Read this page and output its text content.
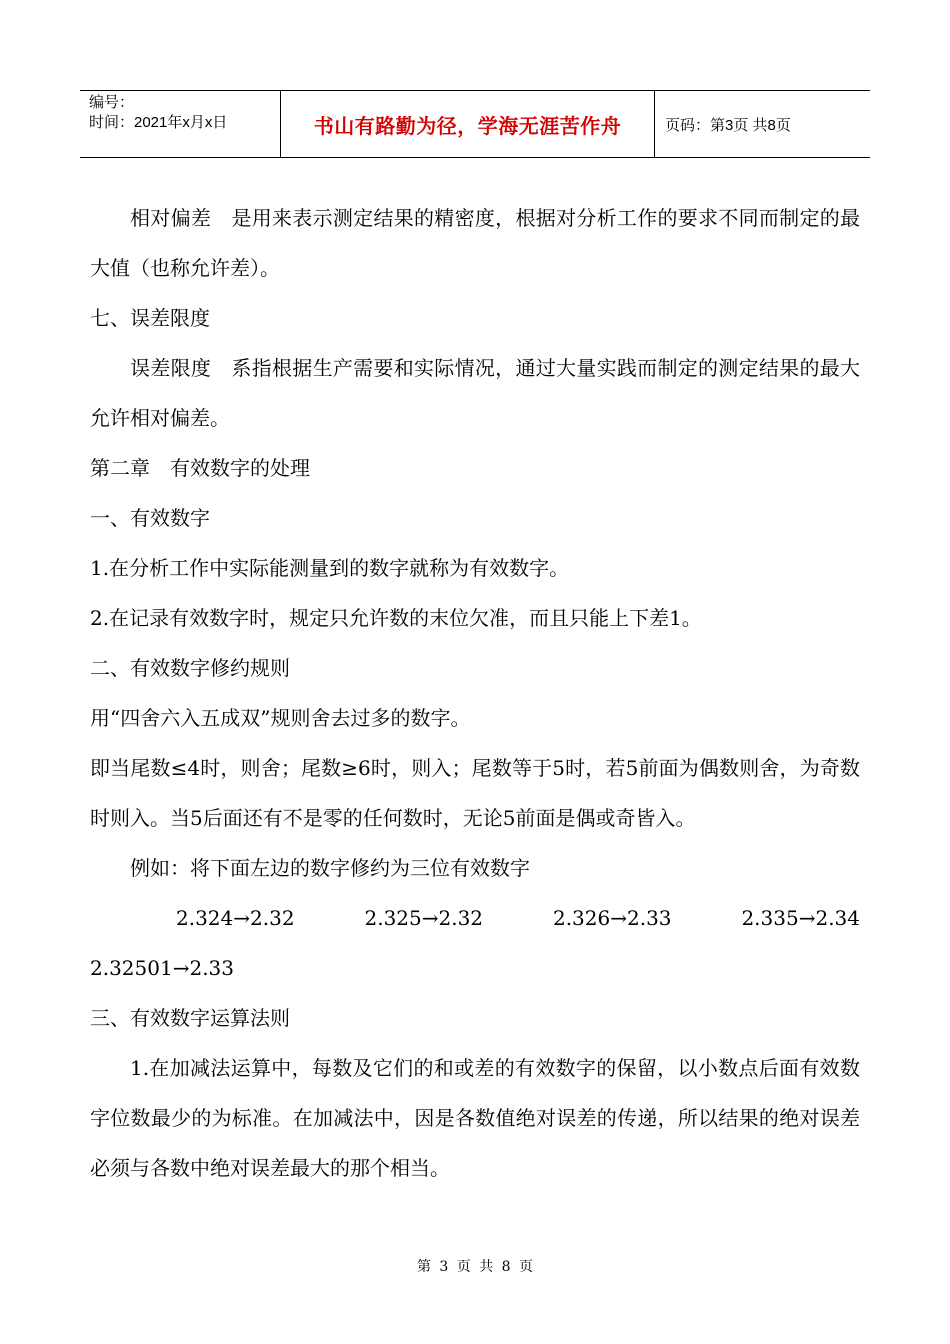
编号：
时间：2021年x月x日	书山有路勤为径，学海无涯苦作舟	页码：第3页 共8页

相对偏差 是用来表示测定结果的精密度，根据对分析工作的要求不同而制定的最大值（也称允许差）。

七、误差限度

误差限度 系指根据生产需要和实际情况，通过大量实践而制定的测定结果的最大允许相对偏差。

第二章 有效数字的处理

一、有效数字

1.在分析工作中实际能测量到的数字就称为有效数字。

2.在记录有效数字时，规定只允许数的末位欠准，而且只能上下差1。

二、有效数字修约规则

用“四舍六入五成双”规则舍去过多的数字。

即当尾数≤4时，则舍；尾数≥6时，则入；尾数等于5时，若5前面为偶数则舍，为奇数时则入。当5后面还有不是零的任何数时，无论5前面是偶或奇皆入。

例如：将下面左边的数字修约为三位有效数字

2.324→2.32	2.325→2.32	2.326→2.33	2.335→2.34

2.32501→2.33

三、有效数字运算法则

1.在加减法运算中，每数及它们的和或差的有效数字的保留，以小数点后面有效数字位数最少的为标准。在加减法中，因是各数值绝对误差的传递，所以结果的绝对误差必须与各数中绝对误差最大的那个相当。

第 3 页 共 8 页
